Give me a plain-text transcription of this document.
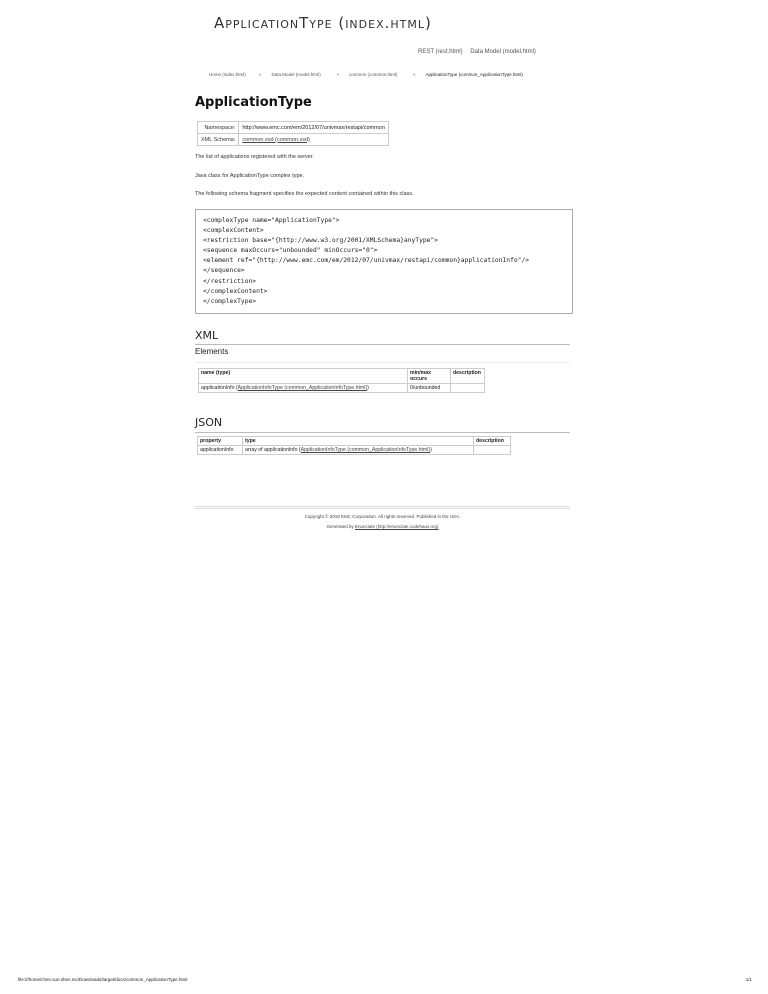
ApplicationType (index.html)
REST (rest.html) Data Model (model.html)
Home (index.html)	» Data Model (model.html)	» common (common.html)	» ApplicationType (common_ApplicationType.html)
ApplicationType
Namespace:	http://www.emc.com/em/2012/07/univmax/restapi/common
XML Schema:	common.xsd (common.xsd)
The list of applications registered with the server.
Java class for ApplicationType complex type.
The following schema fragment specifies the expected content contained within this class.
<complexType name="ApplicationType">
<complexContent>
<restriction base="{http://www.w3.org/2001/XMLSchema}anyType">
<sequence maxOccurs="unbounded" minOccurs="0">
<element ref="{http://www.emc.com/em/2012/07/univmax/restapi/common}applicationInfo"/>
</sequence>
</restriction>
</complexContent>
</complexType>
XML
Elements
name (type)	min/max occurs	description
applicationInfo (ApplicationInfoType (common_ApplicationInfoType.html))	0/unbounded	
JSON
property	type	description
applicationInfo	array of applicationInfo (ApplicationInfoType (common_ApplicationInfoType.html))	
Copyright © 2019 EMC Corporation. All rights reserved. Published in the USA.
Generated by Enunciate (http://enunciate.codehaus.org)
file:///home/chen.sun.shen.mc/Downloads/target/docs/common_ApplicationType.html	1/1
